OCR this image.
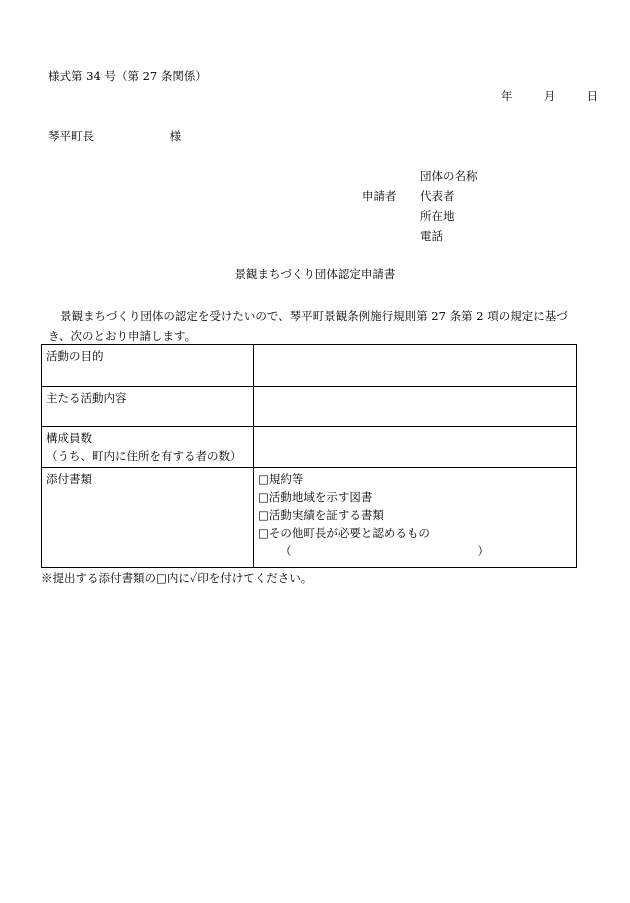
様式第 34 号（第 27 条関係）
年	月	日
琴平町長	様
申請者
団体の名称
代表者
所在地
電話
景観まちづくり団体認定申請書

景観まちづくり団体の認定を受けたいので、琴平町景観条例施行規則第 27 条第 2 項の規定に基づき、次のとおり申請します。

活動の目的	
主たる活動内容	

構成員数
（うち、町内に住所を有する者の数）	

添付書類	□規約等
□活動地域を示す図書
□活動実績を証する書類
□その他町長が必要と認めるもの
（ ）
※提出する添付書類の□内に✓印を付けてください。
